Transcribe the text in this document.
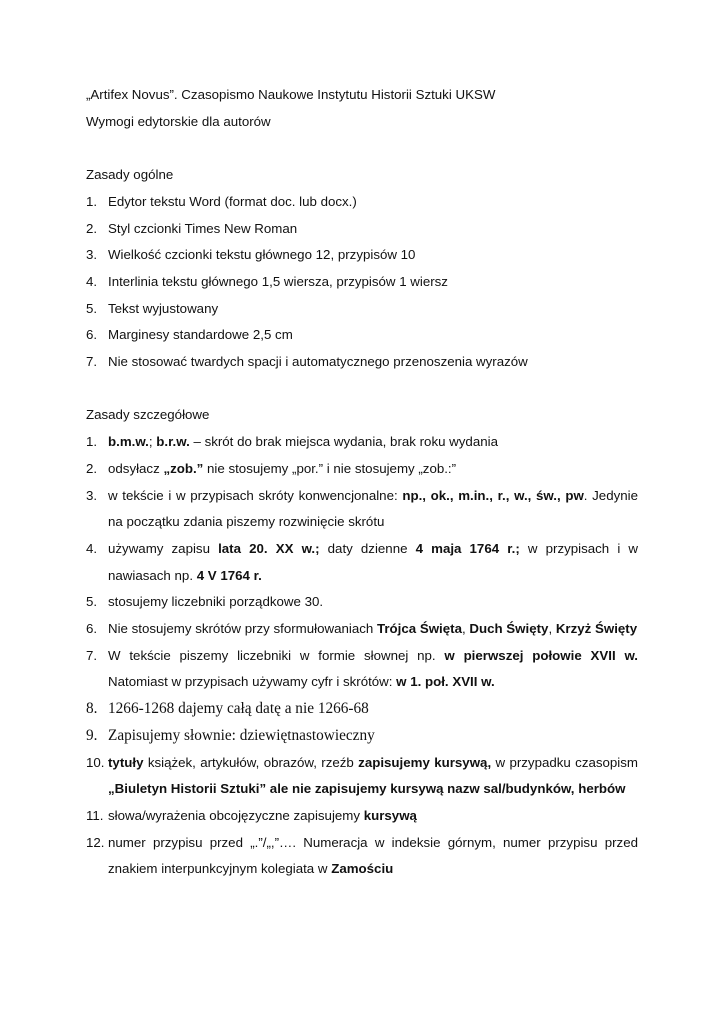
„Artifex Novus”. Czasopismo Naukowe Instytutu Historii Sztuki UKSW
Wymogi edytorskie dla autorów
Zasady ogólne
1. Edytor tekstu Word (format doc. lub docx.)
2. Styl czcionki Times New Roman
3. Wielkość czcionki tekstu głównego 12, przypisów 10
4. Interlinia tekstu głównego 1,5 wiersza, przypisów 1 wiersz
5. Tekst wyjustowany
6. Marginesy standardowe 2,5 cm
7. Nie stosować twardych spacji i automatycznego przenoszenia wyrazów
Zasady szczegółowe
1. b.m.w.; b.r.w. – skrót do brak miejsca wydania, brak roku wydania
2. odsyłacz „zob.” nie stosujemy „por.” i nie stosujemy „zob.:”
3. w tekście i w przypisach skróty konwencjonalne: np., ok., m.in., r., w., św., pw. Jedynie na początku zdania piszemy rozwinięcie skrótu
4. używamy zapisu lata 20. XX w.; daty dzienne 4 maja 1764 r.; w przypisach i w nawiasach np. 4 V 1764 r.
5. stosujemy liczebniki porządkowe 30.
6. Nie stosujemy skrótów przy sformułowaniach Trójca Święta, Duch Święty, Krzyż Święty
7. W tekście piszemy liczebniki w formie słownej np. w pierwszej połowie XVII w. Natomiast w przypisach używamy cyfr i skrótów: w 1. poł. XVII w.
8. 1266-1268 dajemy całą datę a nie 1266-68
9. Zapisujemy słownie: dziewiętnastowieczny
10. tytuły książek, artykułów, obrazów, rzeźb zapisujemy kursywą, w przypadku czasopism „Biuletyn Historii Sztuki” ale nie zapisujemy kursywą nazw sal/budynków, herbów
11. słowa/wyrażenia obcojęzyczne zapisujemy kursywą
12. numer przypisu przed „.”/„,”…. Numeracja w indeksie górnym, numer przypisu przed znakiem interpunkcyjnym kolegiata w Zamościu
